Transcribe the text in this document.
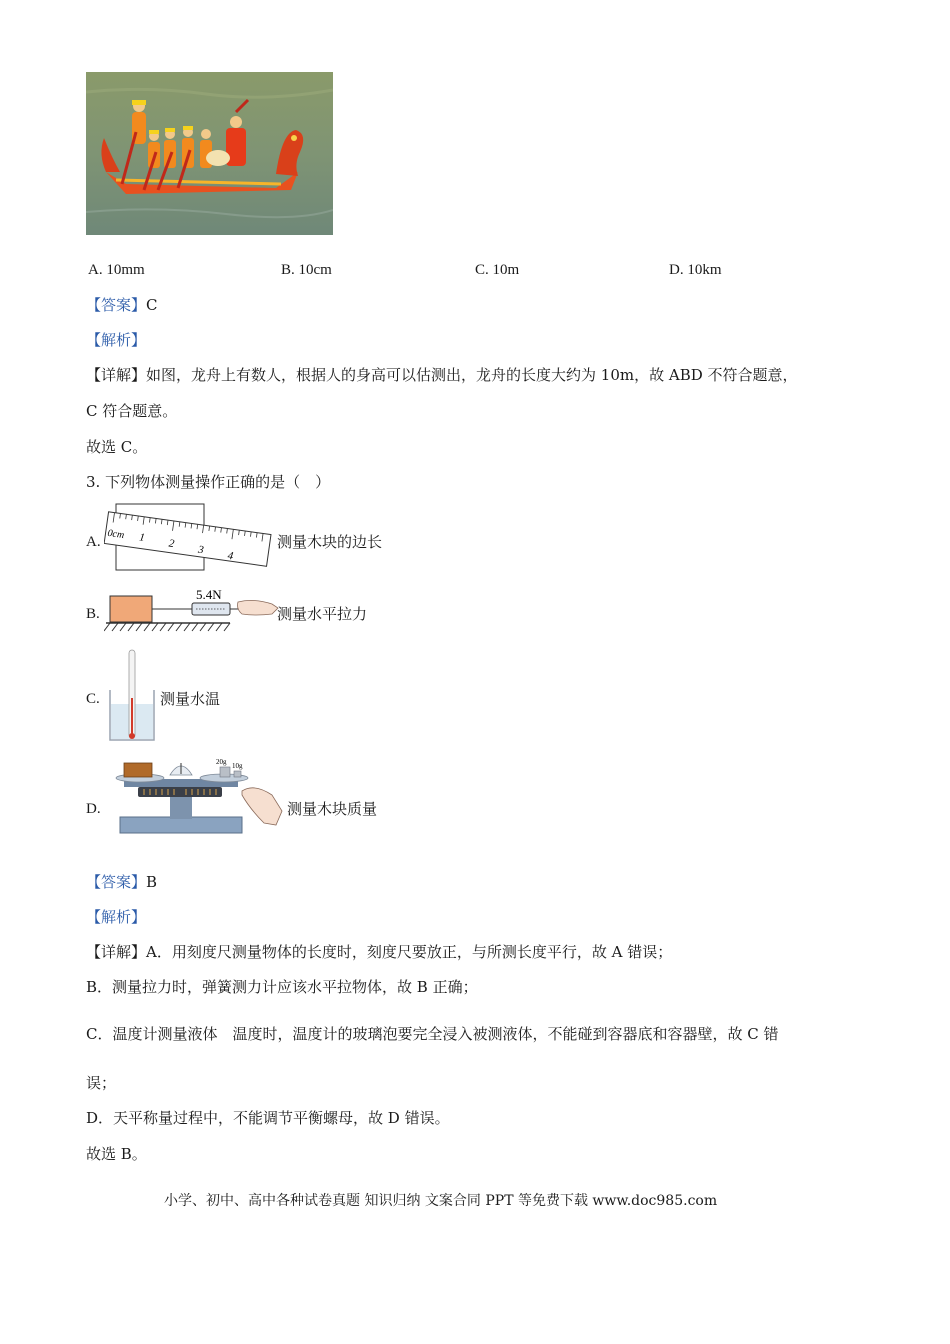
A. 10mm	B. 10cm	C. 10m	D. 10km
【答案】C
【解析】
【详解】如图，龙舟上有数人，根据人的身高可以估测出，龙舟的长度大约为 10m，故 ABD 不符合题意，
C 符合题意。
故选 C。
3. 下列物体测量操作正确的是（　）
A. 0cm 1 2 3 4
测量木块的边长
B.
5.4N
测量水平拉力
C.	测量水温
D.
20g 10g
测量木块质量
【答案】B
【解析】
【详解】A．用刻度尺测量物体的长度时，刻度尺要放正，与所测长度平行，故 A 错误；
B．测量拉力时，弹簧测力计应该水平拉物体，故 B 正确；
C．温度计测量液体　温度时，温度计的玻璃泡要完全浸入被测液体，不能碰到容器底和容器壁，故 C 错
误；
D．天平称量过程中，不能调节平衡螺母，故 D 错误。
故选 B。
小学、初中、高中各种试卷真题 知识归纳 文案合同 PPT 等免费下载 www.doc985.com
